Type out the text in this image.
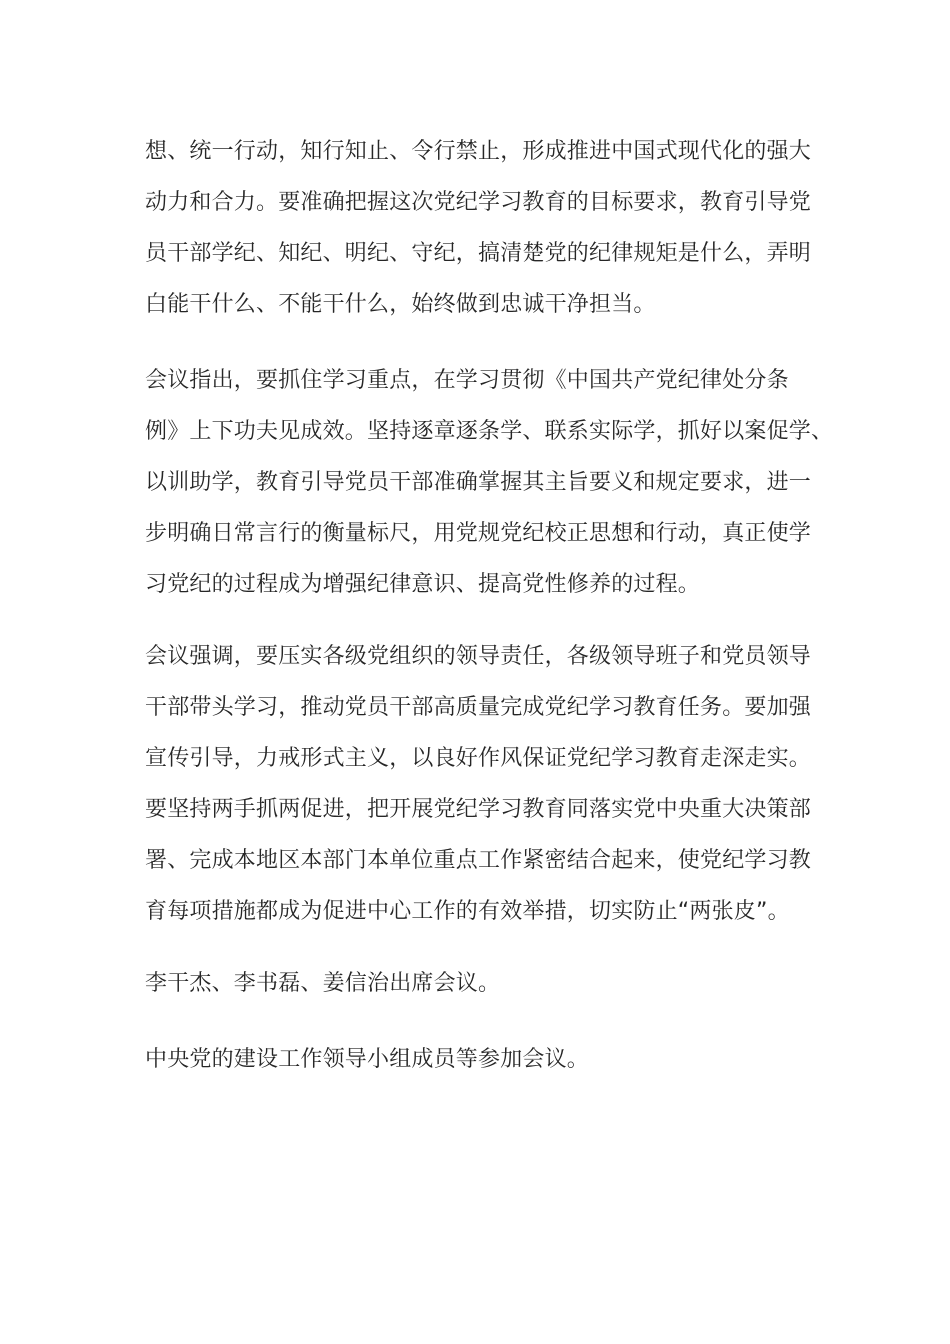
想、统一行动，知行知止、令行禁止，形成推进中国式现代化的强大
动力和合力。要准确把握这次党纪学习教育的目标要求，教育引导党
员干部学纪、知纪、明纪、守纪，搞清楚党的纪律规矩是什么，弄明
白能干什么、不能干什么，始终做到忠诚干净担当。
会议指出，要抓住学习重点，在学习贯彻《中国共产党纪律处分条
例》上下功夫见成效。坚持逐章逐条学、联系实际学，抓好以案促学、
以训助学，教育引导党员干部准确掌握其主旨要义和规定要求，进一
步明确日常言行的衡量标尺，用党规党纪校正思想和行动，真正使学
习党纪的过程成为增强纪律意识、提高党性修养的过程。
会议强调，要压实各级党组织的领导责任，各级领导班子和党员领导
干部带头学习，推动党员干部高质量完成党纪学习教育任务。要加强
宣传引导，力戒形式主义，以良好作风保证党纪学习教育走深走实。
要坚持两手抓两促进，把开展党纪学习教育同落实党中央重大决策部
署、完成本地区本部门本单位重点工作紧密结合起来，使党纪学习教
育每项措施都成为促进中心工作的有效举措，切实防止“两张皮”。
李干杰、李书磊、姜信治出席会议。
中央党的建设工作领导小组成员等参加会议。
